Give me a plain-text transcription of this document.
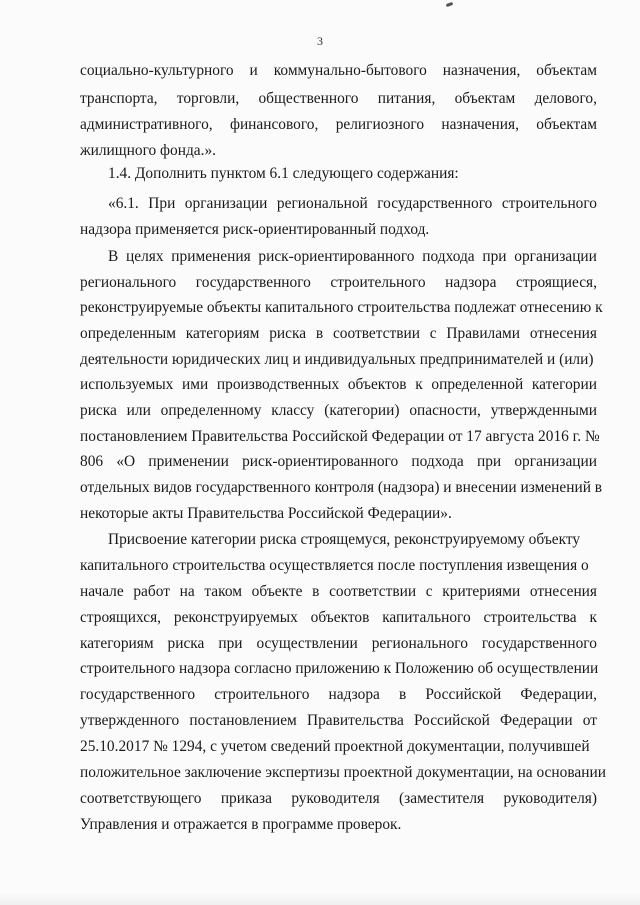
3
социально-культурного и коммунально-бытового назначения, объектам
транспорта, торговли, общественного питания, объектам делового,
административного, финансового, религиозного назначения, объектам
жилищного фонда.».
1.4. Дополнить пунктом 6.1 следующего содержания:
«6.1. При организации региональной государственного строительного
надзора применяется риск-ориентированный подход.
В целях применения риск-ориентированного подхода при организации
регионального государственного строительного надзора строящиеся,
реконструируемые объекты капитального строительства подлежат отнесению к
определенным категориям риска в соответствии с Правилами отнесения
деятельности юридических лиц и индивидуальных предпринимателей и (или)
используемых ими производственных объектов к определенной категории
риска или определенному классу (категории) опасности, утвержденными
постановлением Правительства Российской Федерации от 17 августа 2016 г. №
806 «О применении риск-ориентированного подхода при организации
отдельных видов государственного контроля (надзора) и внесении изменений в
некоторые акты Правительства Российской Федерации».
Присвоение категории риска строящемуся, реконструируемому объекту
капитального строительства осуществляется после поступления извещения о
начале работ на таком объекте в соответствии с критериями отнесения
строящихся, реконструируемых объектов капитального строительства к
категориям риска при осуществлении регионального государственного
строительного надзора согласно приложению к Положению об осуществлении
государственного строительного надзора в Российской Федерации,
утвержденного постановлением Правительства Российской Федерации от
25.10.2017 № 1294, с учетом сведений проектной документации, получившей
положительное заключение экспертизы проектной документации, на основании
соответствующего приказа руководителя (заместителя руководителя)
Управления и отражается в программе проверок.
